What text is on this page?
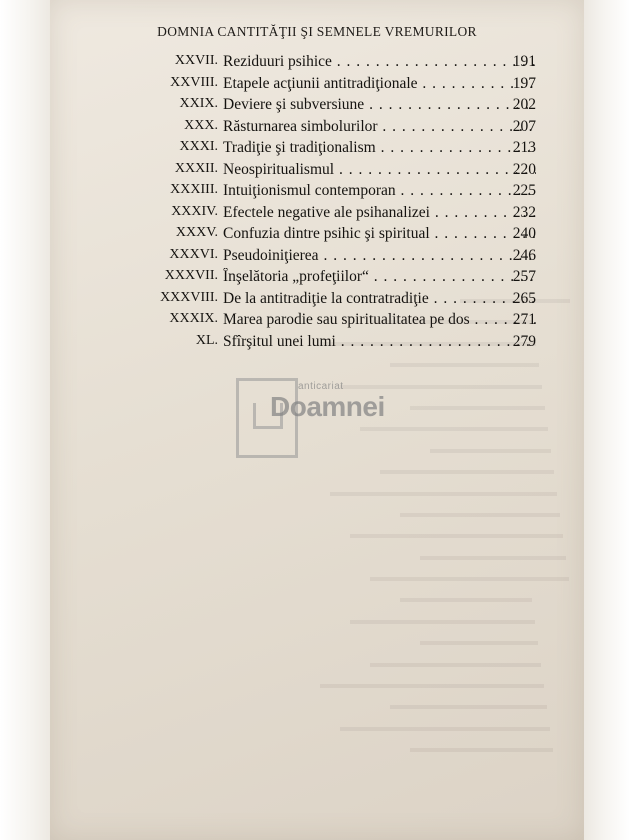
DOMNIA CANTITĂŢII ŞI SEMNELE VREMURILOR
XXVII. Reziduuri psihice . . .	191
XXVIII. Etapele acţiunii antitradiţionale . . .	197
XXIX. Deviere şi subversiune . . .	202
XXX. Răsturnarea simbolurilor . . .	207
XXXI. Tradiţie şi tradiţionalism . . .	213
XXXII. Neospiritualismul . . .	220
XXXIII. Intuiţionismul contemporan . . .	225
XXXIV. Efectele negative ale psihanalizei . . .	232
XXXV. Confuzia dintre psihic şi spiritual . . .	240
XXXVI. Pseudoiniţierea . . .	246
XXXVII. Înşelătoria „profeţiilor“ . . .	257
XXXVIII. De la antitradiţie la contratradiţie . . .	265
XXXIX. Marea parodie sau spiritualitatea pe dos . . .	271
XL. Sfîrşitul unei lumi . . .	279
anticariat
Doamnei
